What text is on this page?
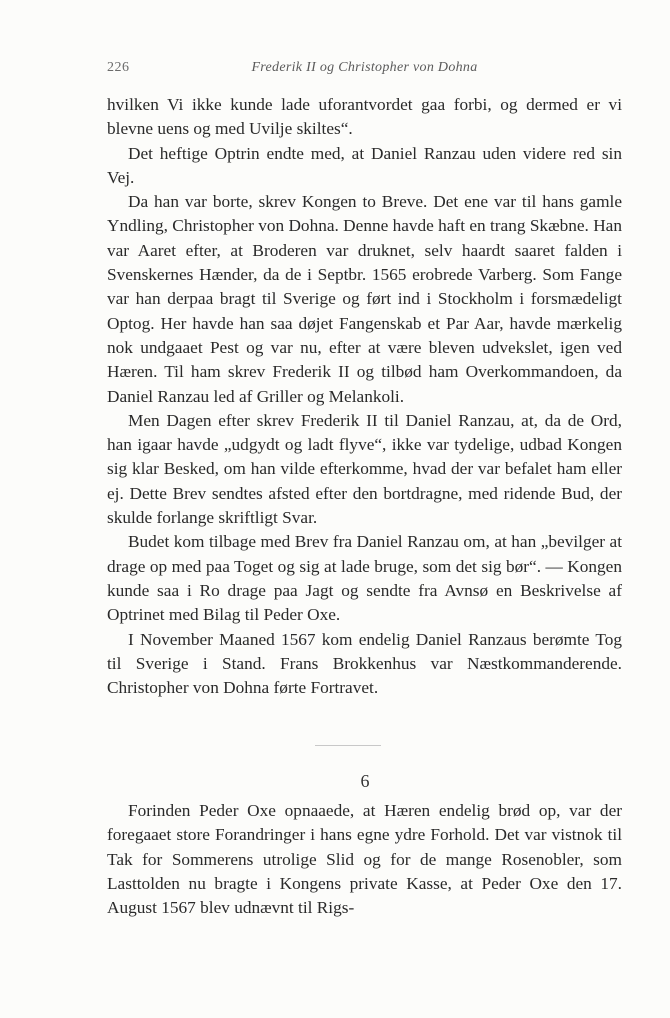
226	Frederik II og Christopher von Dohna

hvilken Vi ikke kunde lade uforantvordet gaa forbi, og dermed er vi blevne uens og med Uvilje skiltes“.

Det heftige Optrin endte med, at Daniel Ranzau uden videre red sin Vej.

Da han var borte, skrev Kongen to Breve. Det ene var til hans gamle Yndling, Christopher von Dohna. Denne havde haft en trang Skæbne. Han var Aaret efter, at Broderen var druknet, selv haardt saaret falden i Svenskernes Hænder, da de i Septbr. 1565 erobrede Varberg. Som Fange var han derpaa bragt til Sverige og ført ind i Stockholm i forsmædeligt Optog. Her havde han saa døjet Fangenskab et Par Aar, havde mærkelig nok undgaaet Pest og var nu, efter at være bleven udvekslet, igen ved Hæren. Til ham skrev Frederik II og tilbød ham Overkommandoen, da Daniel Ranzau led af Griller og Melankoli.

Men Dagen efter skrev Frederik II til Daniel Ranzau, at, da de Ord, han igaar havde „udgydt og ladt flyve“, ikke var tydelige, udbad Kongen sig klar Besked, om han vilde efterkomme, hvad der var befalet ham eller ej. Dette Brev sendtes afsted efter den bortdragne, med ridende Bud, der skulde forlange skriftligt Svar.

Budet kom tilbage med Brev fra Daniel Ranzau om, at han „bevilger at drage op med paa Toget og sig at lade bruge, som det sig bør“. — Kongen kunde saa i Ro drage paa Jagt og sendte fra Avnsø en Beskrivelse af Optrinet med Bilag til Peder Oxe.

I November Maaned 1567 kom endelig Daniel Ranzaus berømte Tog til Sverige i Stand. Frans Brokkenhus var Næstkommanderende. Christopher von Dohna førte Fortravet.

6

Forinden Peder Oxe opnaaede, at Hæren endelig brød op, var der foregaaet store Forandringer i hans egne ydre Forhold. Det var vistnok til Tak for Sommerens utrolige Slid og for de mange Rosenobler, som Lasttolden nu bragte i Kongens private Kasse, at Peder Oxe den 17. August 1567 blev udnævnt til Rigs-
